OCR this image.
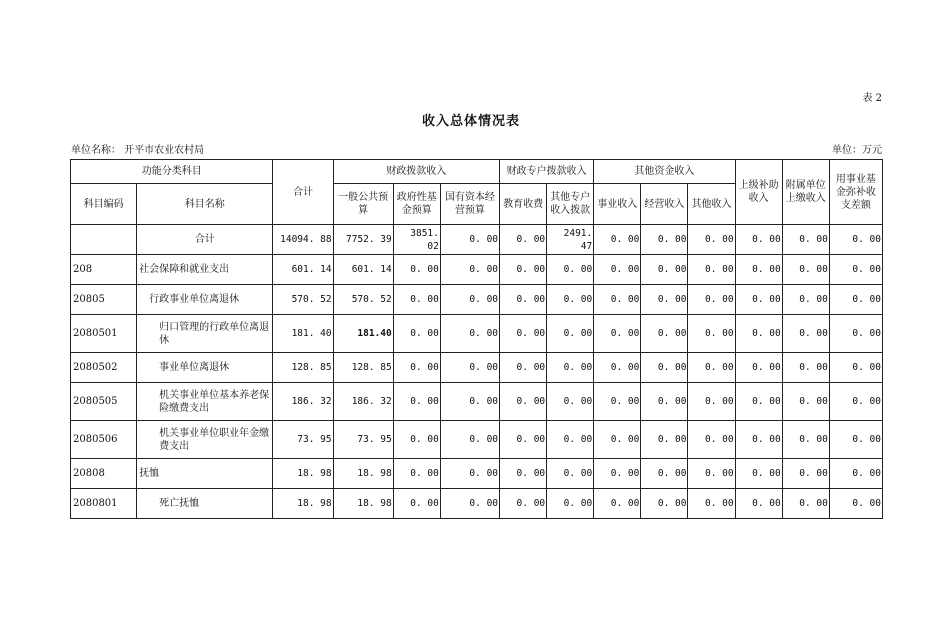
表 2
收入总体情况表
单位名称： 开平市农业农村局	单位：万元
功能分类科目		合计	财政拨款收入			财政专户拨款收入		其他资金收入			上级补助收入	附属单位上缴收入	用事业基金弥补收支差额
科目编码	科目名称		一般公共预算	政府性基金预算	国有资本经营预算	教育收费	其他专户收入拨款	事业收入	经营收入	其他收入			
	合计	14094. 88	7752. 39	3851. 02	0. 00	0. 00	2491. 47	0. 00	0. 00	0. 00	0. 00	0. 00	0. 00
208	社会保障和就业支出	601. 14	601. 14	0. 00	0. 00	0. 00	0. 00	0. 00	0. 00	0. 00	0. 00	0. 00	0. 00
20805	行政事业单位离退休	570. 52	570. 52	0. 00	0. 00	0. 00	0. 00	0. 00	0. 00	0. 00	0. 00	0. 00	0. 00
2080501	归口管理的行政单位离退休	181. 40	181.40	0. 00	0. 00	0. 00	0. 00	0. 00	0. 00	0. 00	0. 00	0. 00	0. 00
2080502	事业单位离退休	128. 85	128. 85	0. 00	0. 00	0. 00	0. 00	0. 00	0. 00	0. 00	0. 00	0. 00	0. 00
2080505	机关事业单位基本养老保险缴费支出	186. 32	186. 32	0. 00	0. 00	0. 00	0. 00	0. 00	0. 00	0. 00	0. 00	0. 00	0. 00
2080506	机关事业单位职业年金缴费支出	73. 95	73. 95	0. 00	0. 00	0. 00	0. 00	0. 00	0. 00	0. 00	0. 00	0. 00	0. 00
20808	抚恤	18. 98	18. 98	0. 00	0. 00	0. 00	0. 00	0. 00	0. 00	0. 00	0. 00	0. 00	0. 00
2080801	死亡抚恤	18. 98	18. 98	0. 00	0. 00	0. 00	0. 00	0. 00	0. 00	0. 00	0. 00	0. 00	0. 00
